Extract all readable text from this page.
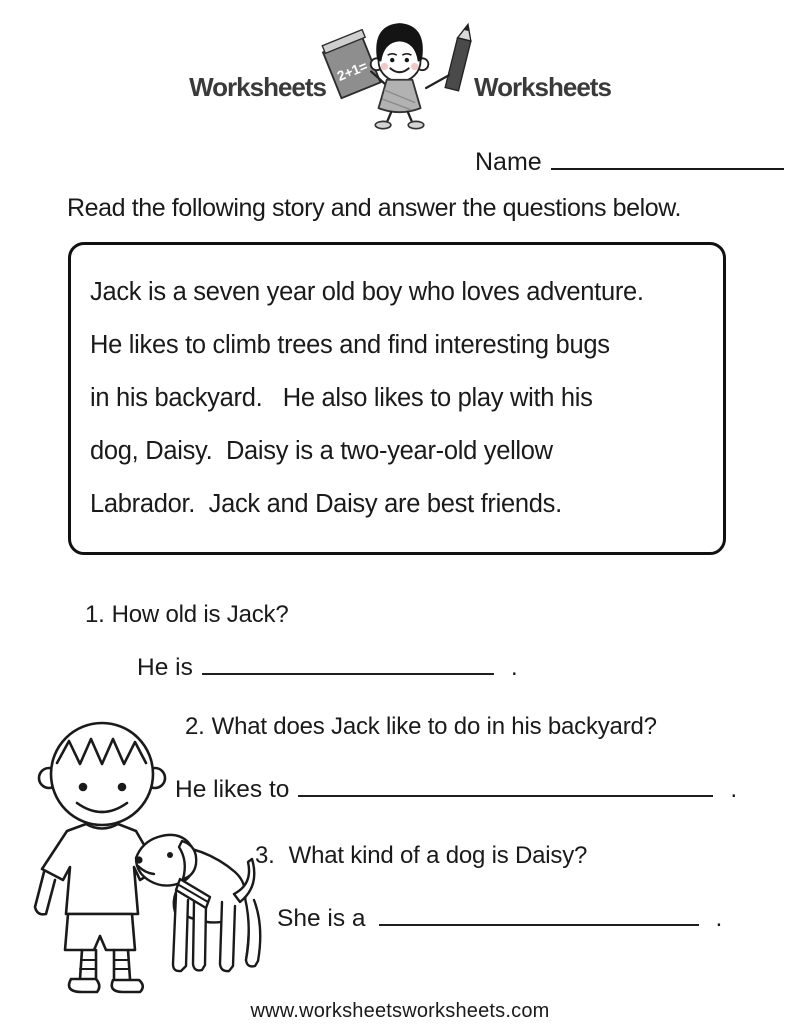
Worksheets
2+1=
Worksheets
Name

Read the following story and answer the questions below.

Jack is a seven year old boy who loves adventure.

He likes to climb trees and find interesting bugs

in his backyard.   He also likes to play with his

dog, Daisy.  Daisy is a two-year-old yellow

Labrador.  Jack and Daisy are best friends.

1. How old is Jack?
He is	.
2. What does Jack like to do in his backyard?
He likes to	.
3. What kind of a dog is Daisy?
She is a	.
www.worksheetsworksheets.com
